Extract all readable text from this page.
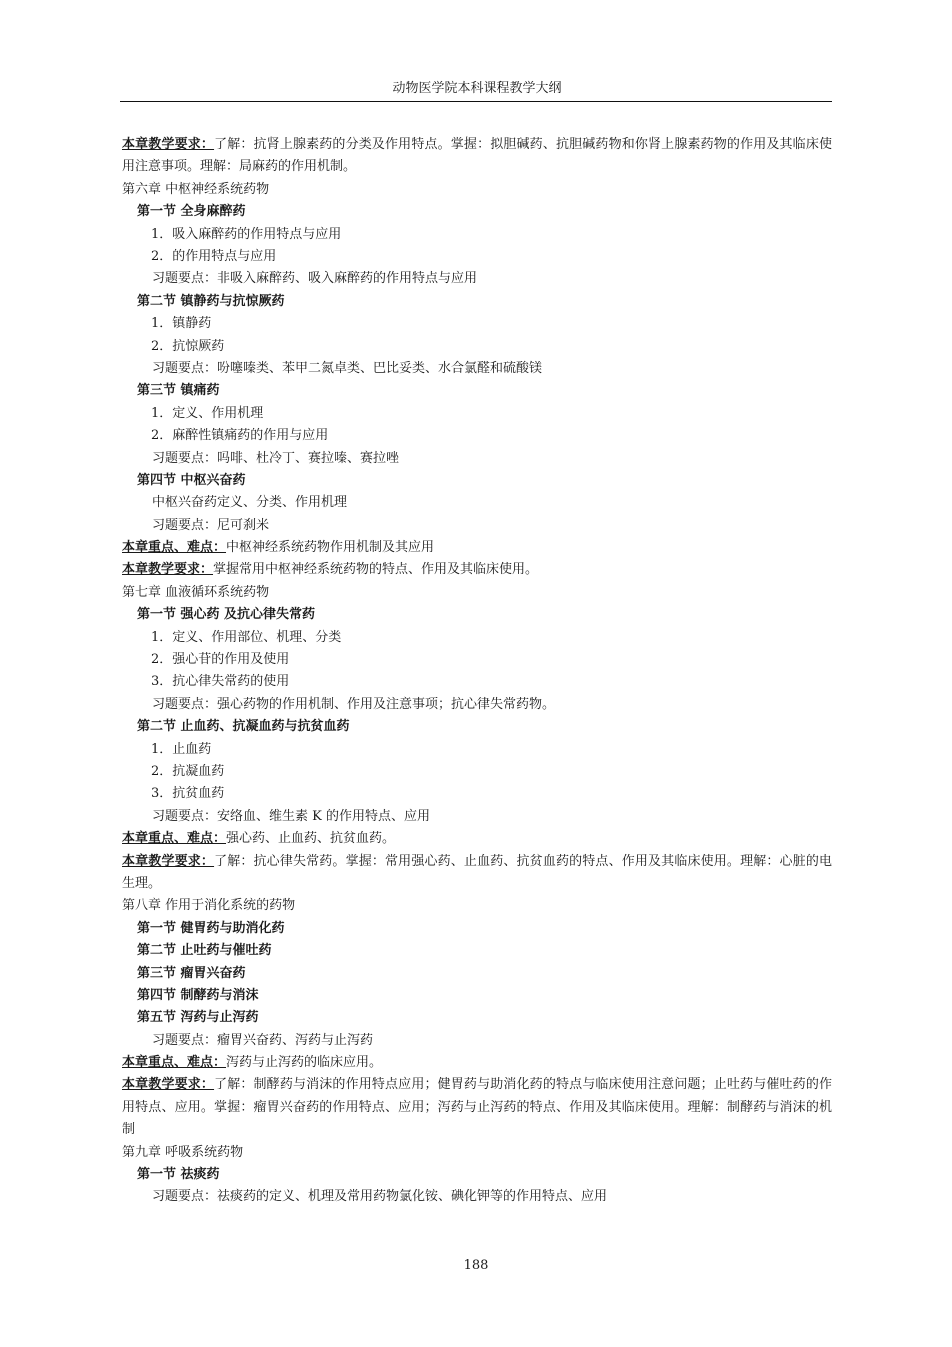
动物医学院本科课程教学大纲
本章教学要求：了解：抗肾上腺素药的分类及作用特点。掌握：拟胆碱药、抗胆碱药物和你肾上腺素药物的作用及其临床使用注意事项。理解：局麻药的作用机制。
第六章 中枢神经系统药物
第一节 全身麻醉药
1．吸入麻醉药的作用特点与应用
2．的作用特点与应用
习题要点：非吸入麻醉药、吸入麻醉药的作用特点与应用
第二节 镇静药与抗惊厥药
1．镇静药
2．抗惊厥药
习题要点：吩噻嗪类、苯甲二氮卓类、巴比妥类、水合氯醛和硫酸镁
第三节 镇痛药
1．定义、作用机理
2．麻醉性镇痛药的作用与应用
习题要点：吗啡、杜冷丁、赛拉嗪、赛拉唑
第四节 中枢兴奋药
中枢兴奋药定义、分类、作用机理
习题要点：尼可刹米
本章重点、难点：中枢神经系统药物作用机制及其应用
本章教学要求：掌握常用中枢神经系统药物的特点、作用及其临床使用。
第七章 血液循环系统药物
第一节 强心药 及抗心律失常药
1．定义、作用部位、机理、分类
2．强心苷的作用及使用
3．抗心律失常药的使用
习题要点：强心药物的作用机制、作用及注意事项；抗心律失常药物。
第二节 止血药、抗凝血药与抗贫血药
1．止血药
2．抗凝血药
3．抗贫血药
习题要点：安络血、维生素 K 的作用特点、应用
本章重点、难点：强心药、止血药、抗贫血药。
本章教学要求：了解：抗心律失常药。掌握：常用强心药、止血药、抗贫血药的特点、作用及其临床使用。理解：心脏的电生理。
第八章 作用于消化系统的药物
第一节 健胃药与助消化药
第二节 止吐药与催吐药
第三节 瘤胃兴奋药
第四节 制酵药与消沫
第五节 泻药与止泻药
习题要点：瘤胃兴奋药、泻药与止泻药
本章重点、难点：泻药与止泻药的临床应用。
本章教学要求：了解：制酵药与消沫的作用特点应用；健胃药与助消化药的特点与临床使用注意问题；止吐药与催吐药的作用特点、应用。掌握：瘤胃兴奋药的作用特点、应用；泻药与止泻药的特点、作用及其临床使用。理解：制酵药与消沫的机制
第九章 呼吸系统药物
第一节 祛痰药
习题要点：祛痰药的定义、机理及常用药物氯化铵、碘化钾等的作用特点、应用
188
